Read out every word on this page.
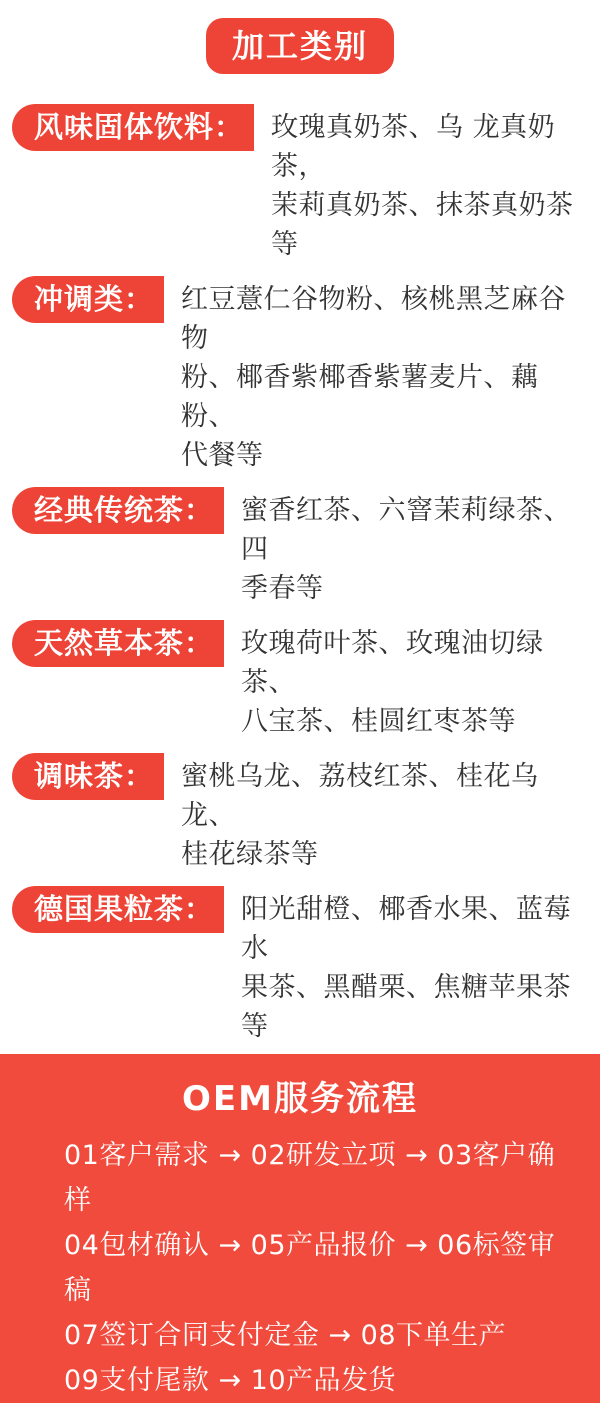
加工类别
风味固体饮料：	玫瑰真奶茶、乌 龙真奶茶，
茉莉真奶茶、抹茶真奶茶等
冲调类：	红豆薏仁谷物粉、核桃黑芝麻谷物
粉、椰香紫椰香紫薯麦片、藕粉、
代餐等
经典传统茶：	蜜香红茶、六窨茉莉绿茶、四
季春等
天然草本茶：	玫瑰荷叶茶、玫瑰油切绿茶、
八宝茶、桂圆红枣茶等
调味茶：	蜜桃乌龙、荔枝红茶、桂花乌龙、
桂花绿茶等
德国果粒茶：	阳光甜橙、椰香水果、蓝莓水
果茶、黑醋栗、焦糖苹果茶等
OEM服务流程
01客户需求 → 02研发立项 → 03客户确样
04包材确认 → 05产品报价 → 06标签审稿
07签订合同支付定金 → 08下单生产
09支付尾款 → 10产品发货
